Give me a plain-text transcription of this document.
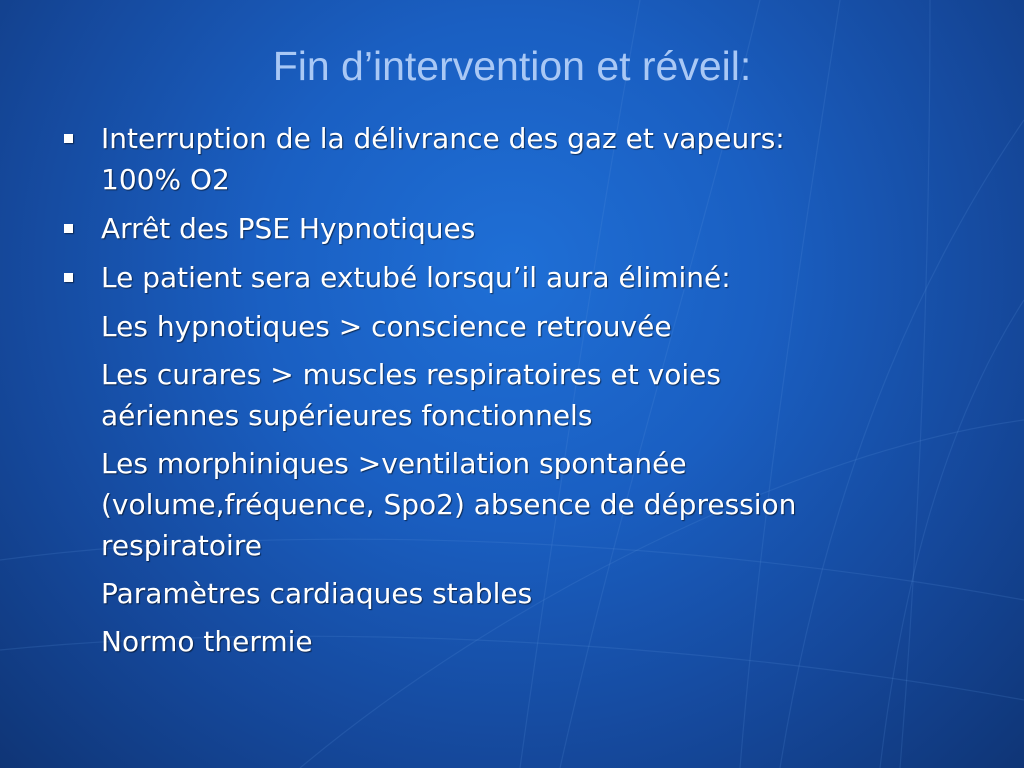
Fin d’intervention et réveil:
Interruption de la délivrance des gaz et vapeurs:
100% O2
Arrêt des PSE Hypnotiques
Le patient sera extubé lorsqu’il aura éliminé:
Les hypnotiques > conscience retrouvée
Les curares > muscles respiratoires et voies
aériennes supérieures fonctionnels
Les morphiniques >ventilation spontanée
(volume,fréquence, Spo2) absence de dépression
respiratoire
Paramètres cardiaques stables
Normo thermie
